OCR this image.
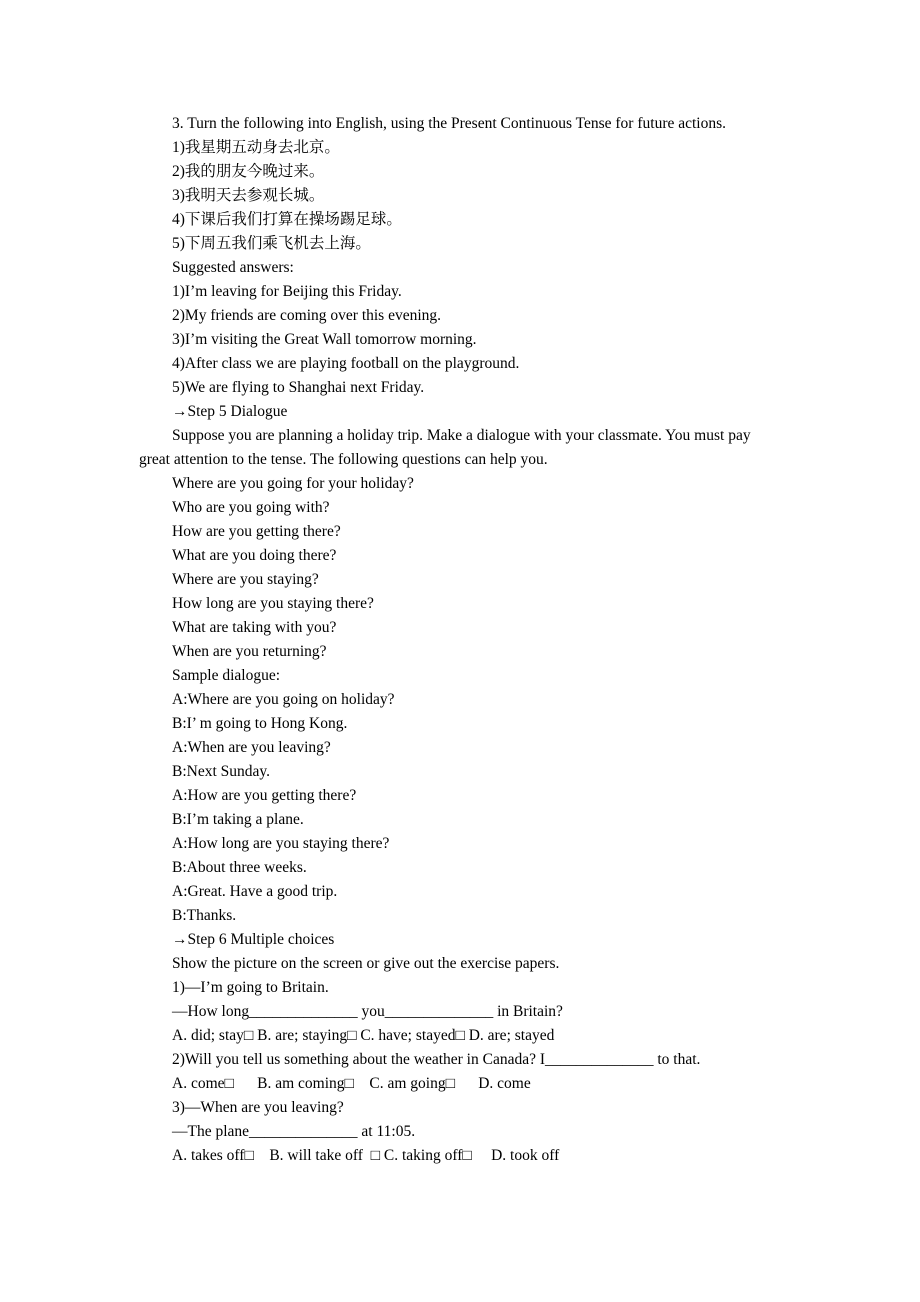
3. Turn the following into English, using the Present Continuous Tense for future actions.
1)我星期五动身去北京。
2)我的朋友今晚过来。
3)我明天去参观长城。
4)下课后我们打算在操场踢足球。
5)下周五我们乘飞机去上海。
Suggested answers:
1)I’m leaving for Beijing this Friday.
2)My friends are coming over this evening.
3)I’m visiting the Great Wall tomorrow morning.
4)After class we are playing football on the playground.
5)We are flying to Shanghai next Friday.
→Step 5 Dialogue
Suppose you are planning a holiday trip. Make a dialogue with your classmate. You must pay
great attention to the tense. The following questions can help you.
Where are you going for your holiday?
Who are you going with?
How are you getting there?
What are you doing there?
Where are you staying?
How long are you staying there?
What are taking with you?
When are you returning?
Sample dialogue:
A:Where are you going on holiday?
B:I’ m going to Hong Kong.
A:When are you leaving?
B:Next Sunday.
A:How are you getting there?
B:I’m taking a plane.
A:How long are you staying there?
B:About three weeks.
A:Great. Have a good trip.
B:Thanks.
→Step 6 Multiple choices
Show the picture on the screen or give out the exercise papers.
1)—I’m going to Britain.
—How long______________ you______________ in Britain?
A. did; stay□ B. are; staying□ C. have; stayed□ D. are; stayed
2)Will you tell us something about the weather in Canada? I______________ to that.
A. come□      B. am coming□    C. am going□      D. come
3)—When are you leaving?
—The plane______________ at 11:05.
A. takes off□    B. will take off  □ C. taking off□     D. took off
